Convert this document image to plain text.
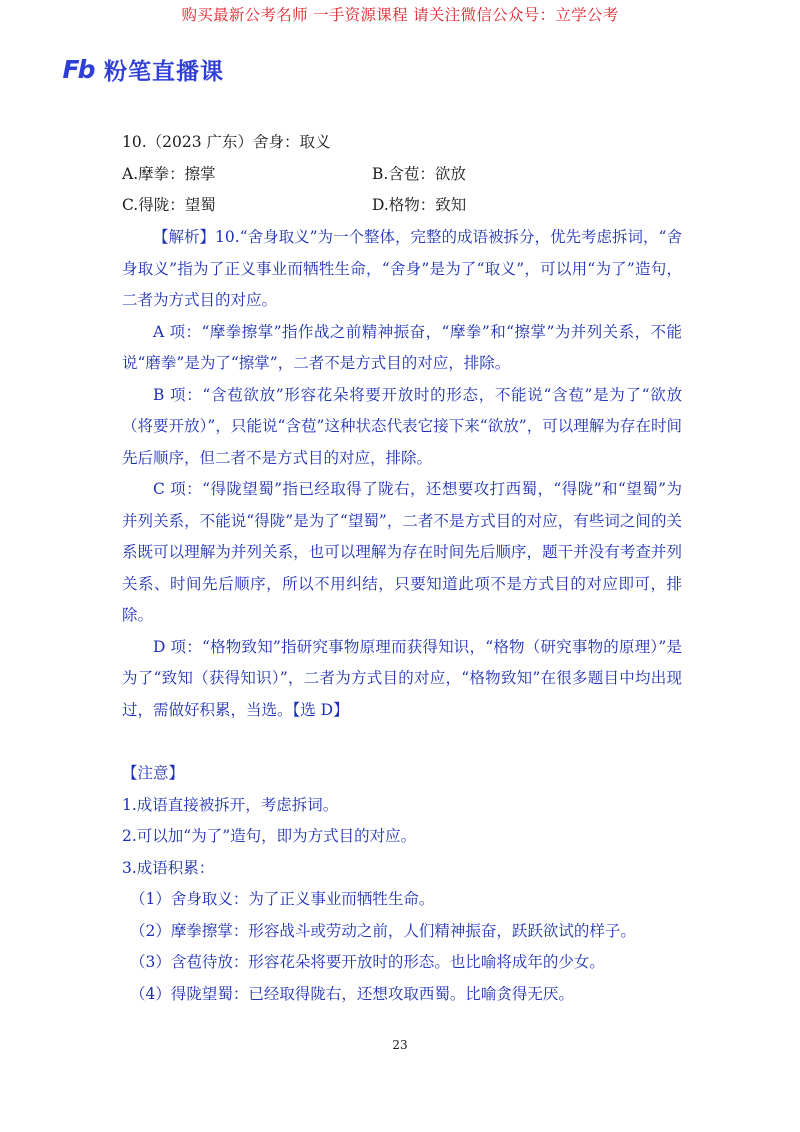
购买最新公考名师 一手资源课程 请关注微信公众号：立学公考
Fb 粉笔直播课
10.（2023 广东）舍身：取义
A.摩拳：擦掌	B.含苞：欲放
C.得陇：望蜀	D.格物：致知

【解析】10.“舍身取义”为一个整体，完整的成语被拆分，优先考虑拆词，“舍身取义”指为了正义事业而牺牲生命，“舍身”是为了“取义”，可以用“为了”造句，二者为方式目的对应。

A 项：“摩拳擦掌”指作战之前精神振奋，“摩拳”和“擦掌”为并列关系，不能说“磨拳”是为了“擦掌”，二者不是方式目的对应，排除。

B 项：“含苞欲放”形容花朵将要开放时的形态，不能说“含苞”是为了“欲放（将要开放）”，只能说“含苞”这种状态代表它接下来“欲放”，可以理解为存在时间先后顺序，但二者不是方式目的对应，排除。

C 项：“得陇望蜀”指已经取得了陇右，还想要攻打西蜀，“得陇”和“望蜀”为并列关系，不能说“得陇”是为了“望蜀”，二者不是方式目的对应，有些词之间的关系既可以理解为并列关系，也可以理解为存在时间先后顺序，题干并没有考查并列关系、时间先后顺序，所以不用纠结，只要知道此项不是方式目的对应即可，排除。

D 项：“格物致知”指研究事物原理而获得知识，“格物（研究事物的原理）”是为了“致知（获得知识）”，二者为方式目的对应，“格物致知”在很多题目中均出现过，需做好积累，当选。【选 D】

【注意】
1.成语直接被拆开，考虑拆词。
2.可以加“为了”造句，即为方式目的对应。
3.成语积累：
（1）舍身取义：为了正义事业而牺牲生命。
（2）摩拳擦掌：形容战斗或劳动之前，人们精神振奋，跃跃欲试的样子。
（3）含苞待放：形容花朵将要开放时的形态。也比喻将成年的少女。
（4）得陇望蜀：已经取得陇右，还想攻取西蜀。比喻贪得无厌。
23
